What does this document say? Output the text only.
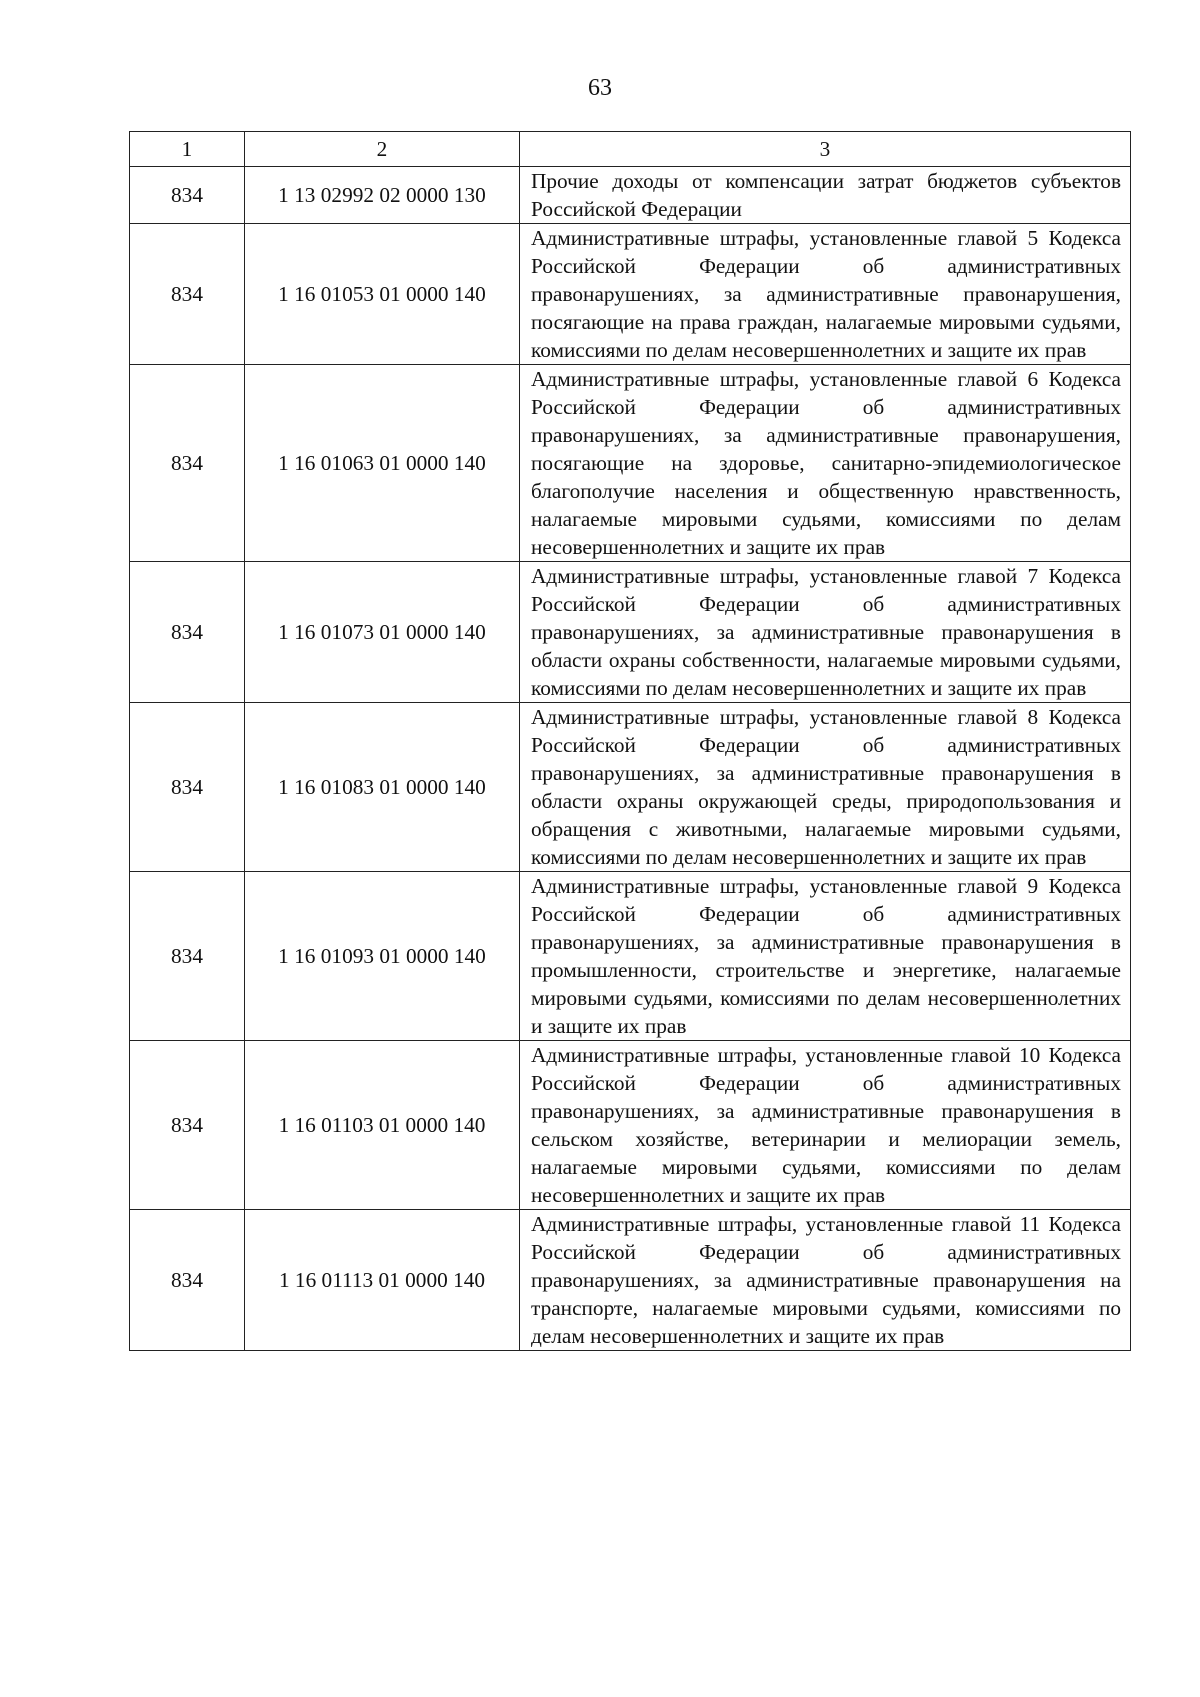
63
1	2	3
834	1 13 02992 02 0000 130	Прочие доходы от компенсации затрат бюджетов субъектов Российской Федерации

834	1 16 01053 01 0000 140	Административные штрафы, установленные главой 5 Кодекса Российской Федерации об административных правонарушениях, за административные правонарушения, посягающие на права граждан, налагаемые мировыми судьями, комиссиями по делам несовершеннолетних и защите их прав

834	1 16 01063 01 0000 140	Административные штрафы, установленные главой 6 Кодекса Российской Федерации об административных правонарушениях, за административные правонарушения, посягающие на здоровье, санитарно-эпидемиологическое благополучие населения и общественную нравственность, налагаемые мировыми судьями, комиссиями по делам несовершеннолетних и защите их прав

834	1 16 01073 01 0000 140	Административные штрафы, установленные главой 7 Кодекса Российской Федерации об административных правонарушениях, за административные правонарушения в области охраны собственности, налагаемые мировыми судьями, комиссиями по делам несовершеннолетних и защите их прав

834	1 16 01083 01 0000 140	Административные штрафы, установленные главой 8 Кодекса Российской Федерации об административных правонарушениях, за административные правонарушения в области охраны окружающей среды, природопользования и обращения с животными, налагаемые мировыми судьями, комиссиями по делам несовершеннолетних и защите их прав

834	1 16 01093 01 0000 140	Административные штрафы, установленные главой 9 Кодекса Российской Федерации об административных правонарушениях, за административные правонарушения в промышленности, строительстве и энергетике, налагаемые мировыми судьями, комиссиями по делам несовершеннолетних и защите их прав

834	1 16 01103 01 0000 140	Административные штрафы, установленные главой 10 Кодекса Российской Федерации об административных правонарушениях, за административные правонарушения в сельском хозяйстве, ветеринарии и мелиорации земель, налагаемые мировыми судьями, комиссиями по делам несовершеннолетних и защите их прав

834	1 16 01113 01 0000 140	Административные штрафы, установленные главой 11 Кодекса Российской Федерации об административных правонарушениях, за административные правонарушения на транспорте, налагаемые мировыми судьями, комиссиями по делам несовершеннолетних и защите их прав
